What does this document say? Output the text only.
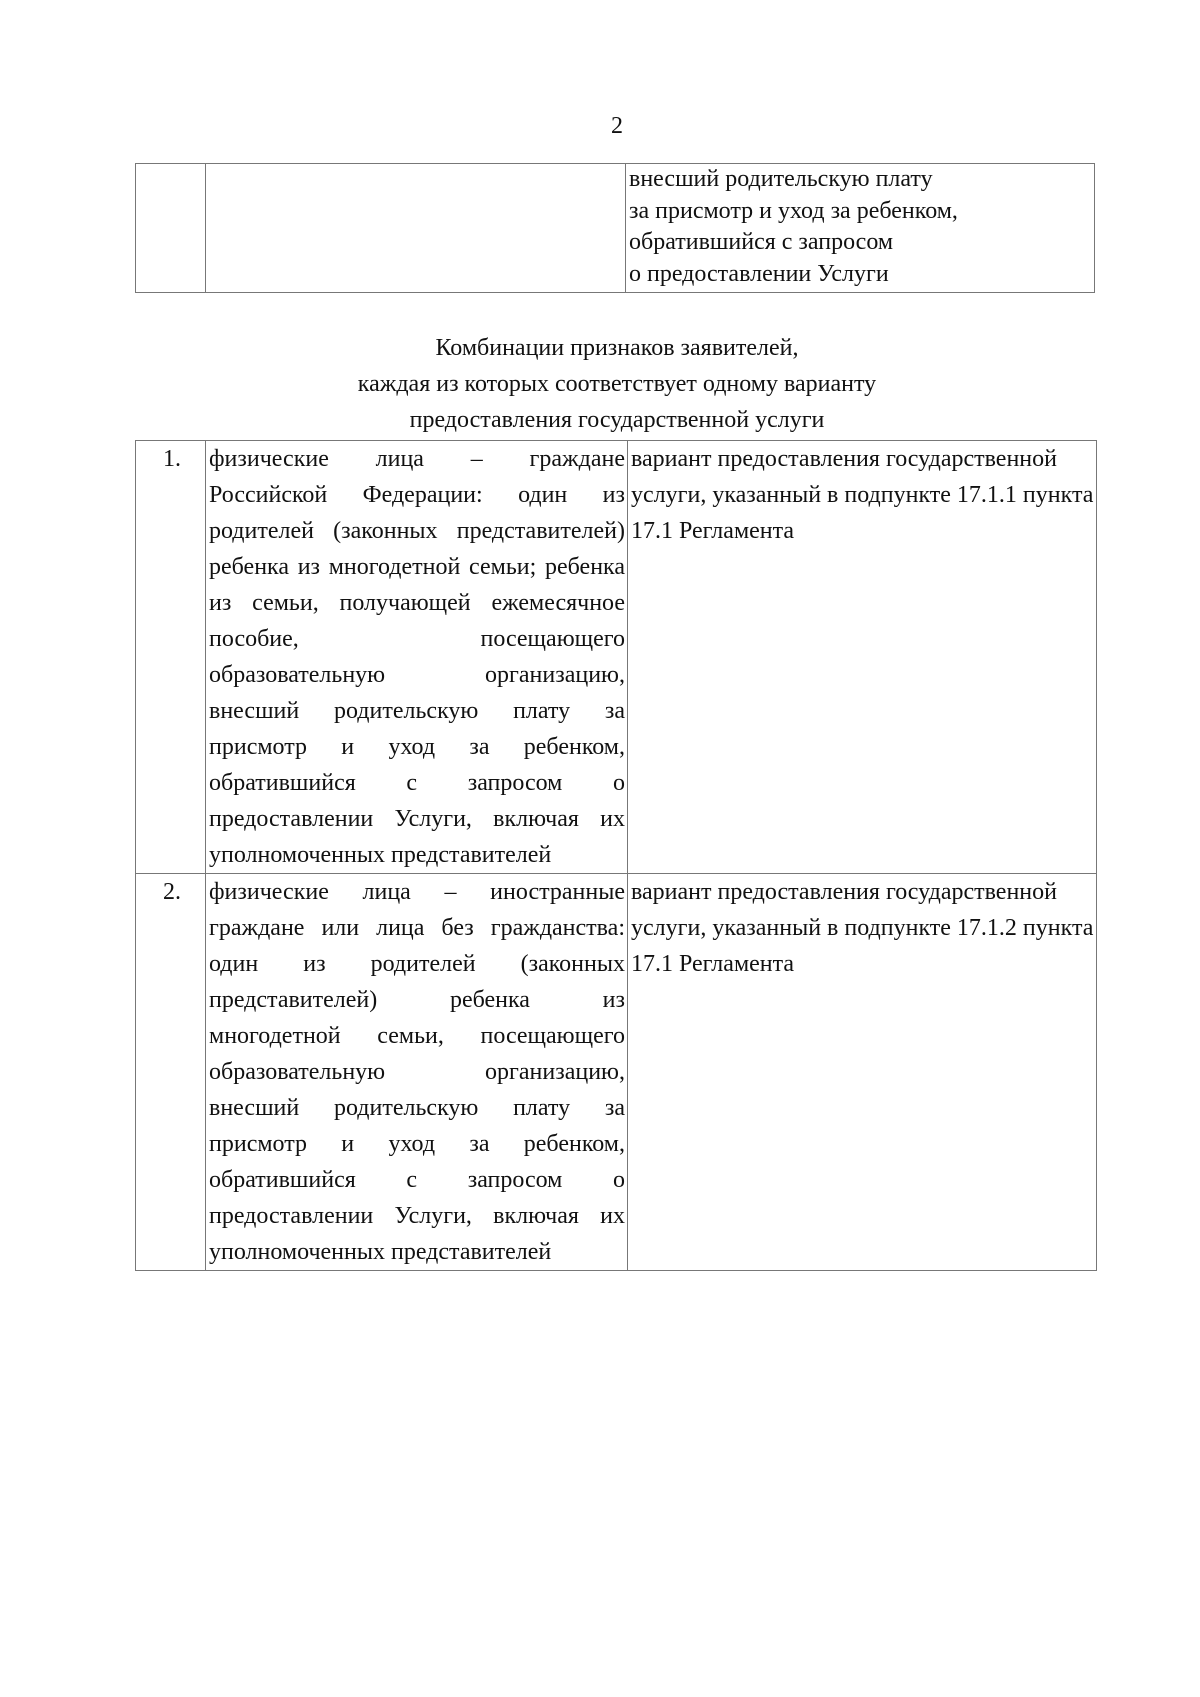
2

внесший родительскую плату
за присмотр и уход за ребенком,
обратившийся с запросом
о предоставлении Услуги
Комбинации признаков заявителей,
каждая из которых соответствует одному варианту
предоставления государственной услуги
1.	физические лица – граждане Российской Федерации: один из родителей (законных представителей) ребенка из многодетной семьи; ребенка из семьи, получающей ежемесячное пособие, посещающего образовательную организацию, внесший родительскую плату за присмотр и уход за ребенком, обратившийся с запросом о предоставлении Услуги, включая их уполномоченных представителей	вариант предоставления государственной услуги, указанный в подпункте 17.1.1 пункта 17.1 Регламента
2.	физические лица – иностранные граждане или лица без гражданства: один из родителей (законных представителей) ребенка из многодетной семьи, посещающего образовательную организацию, внесший родительскую плату за присмотр и уход за ребенком, обратившийся с запросом о предоставлении Услуги, включая их уполномоченных представителей	вариант предоставления государственной услуги, указанный в подпункте 17.1.2 пункта 17.1 Регламента
